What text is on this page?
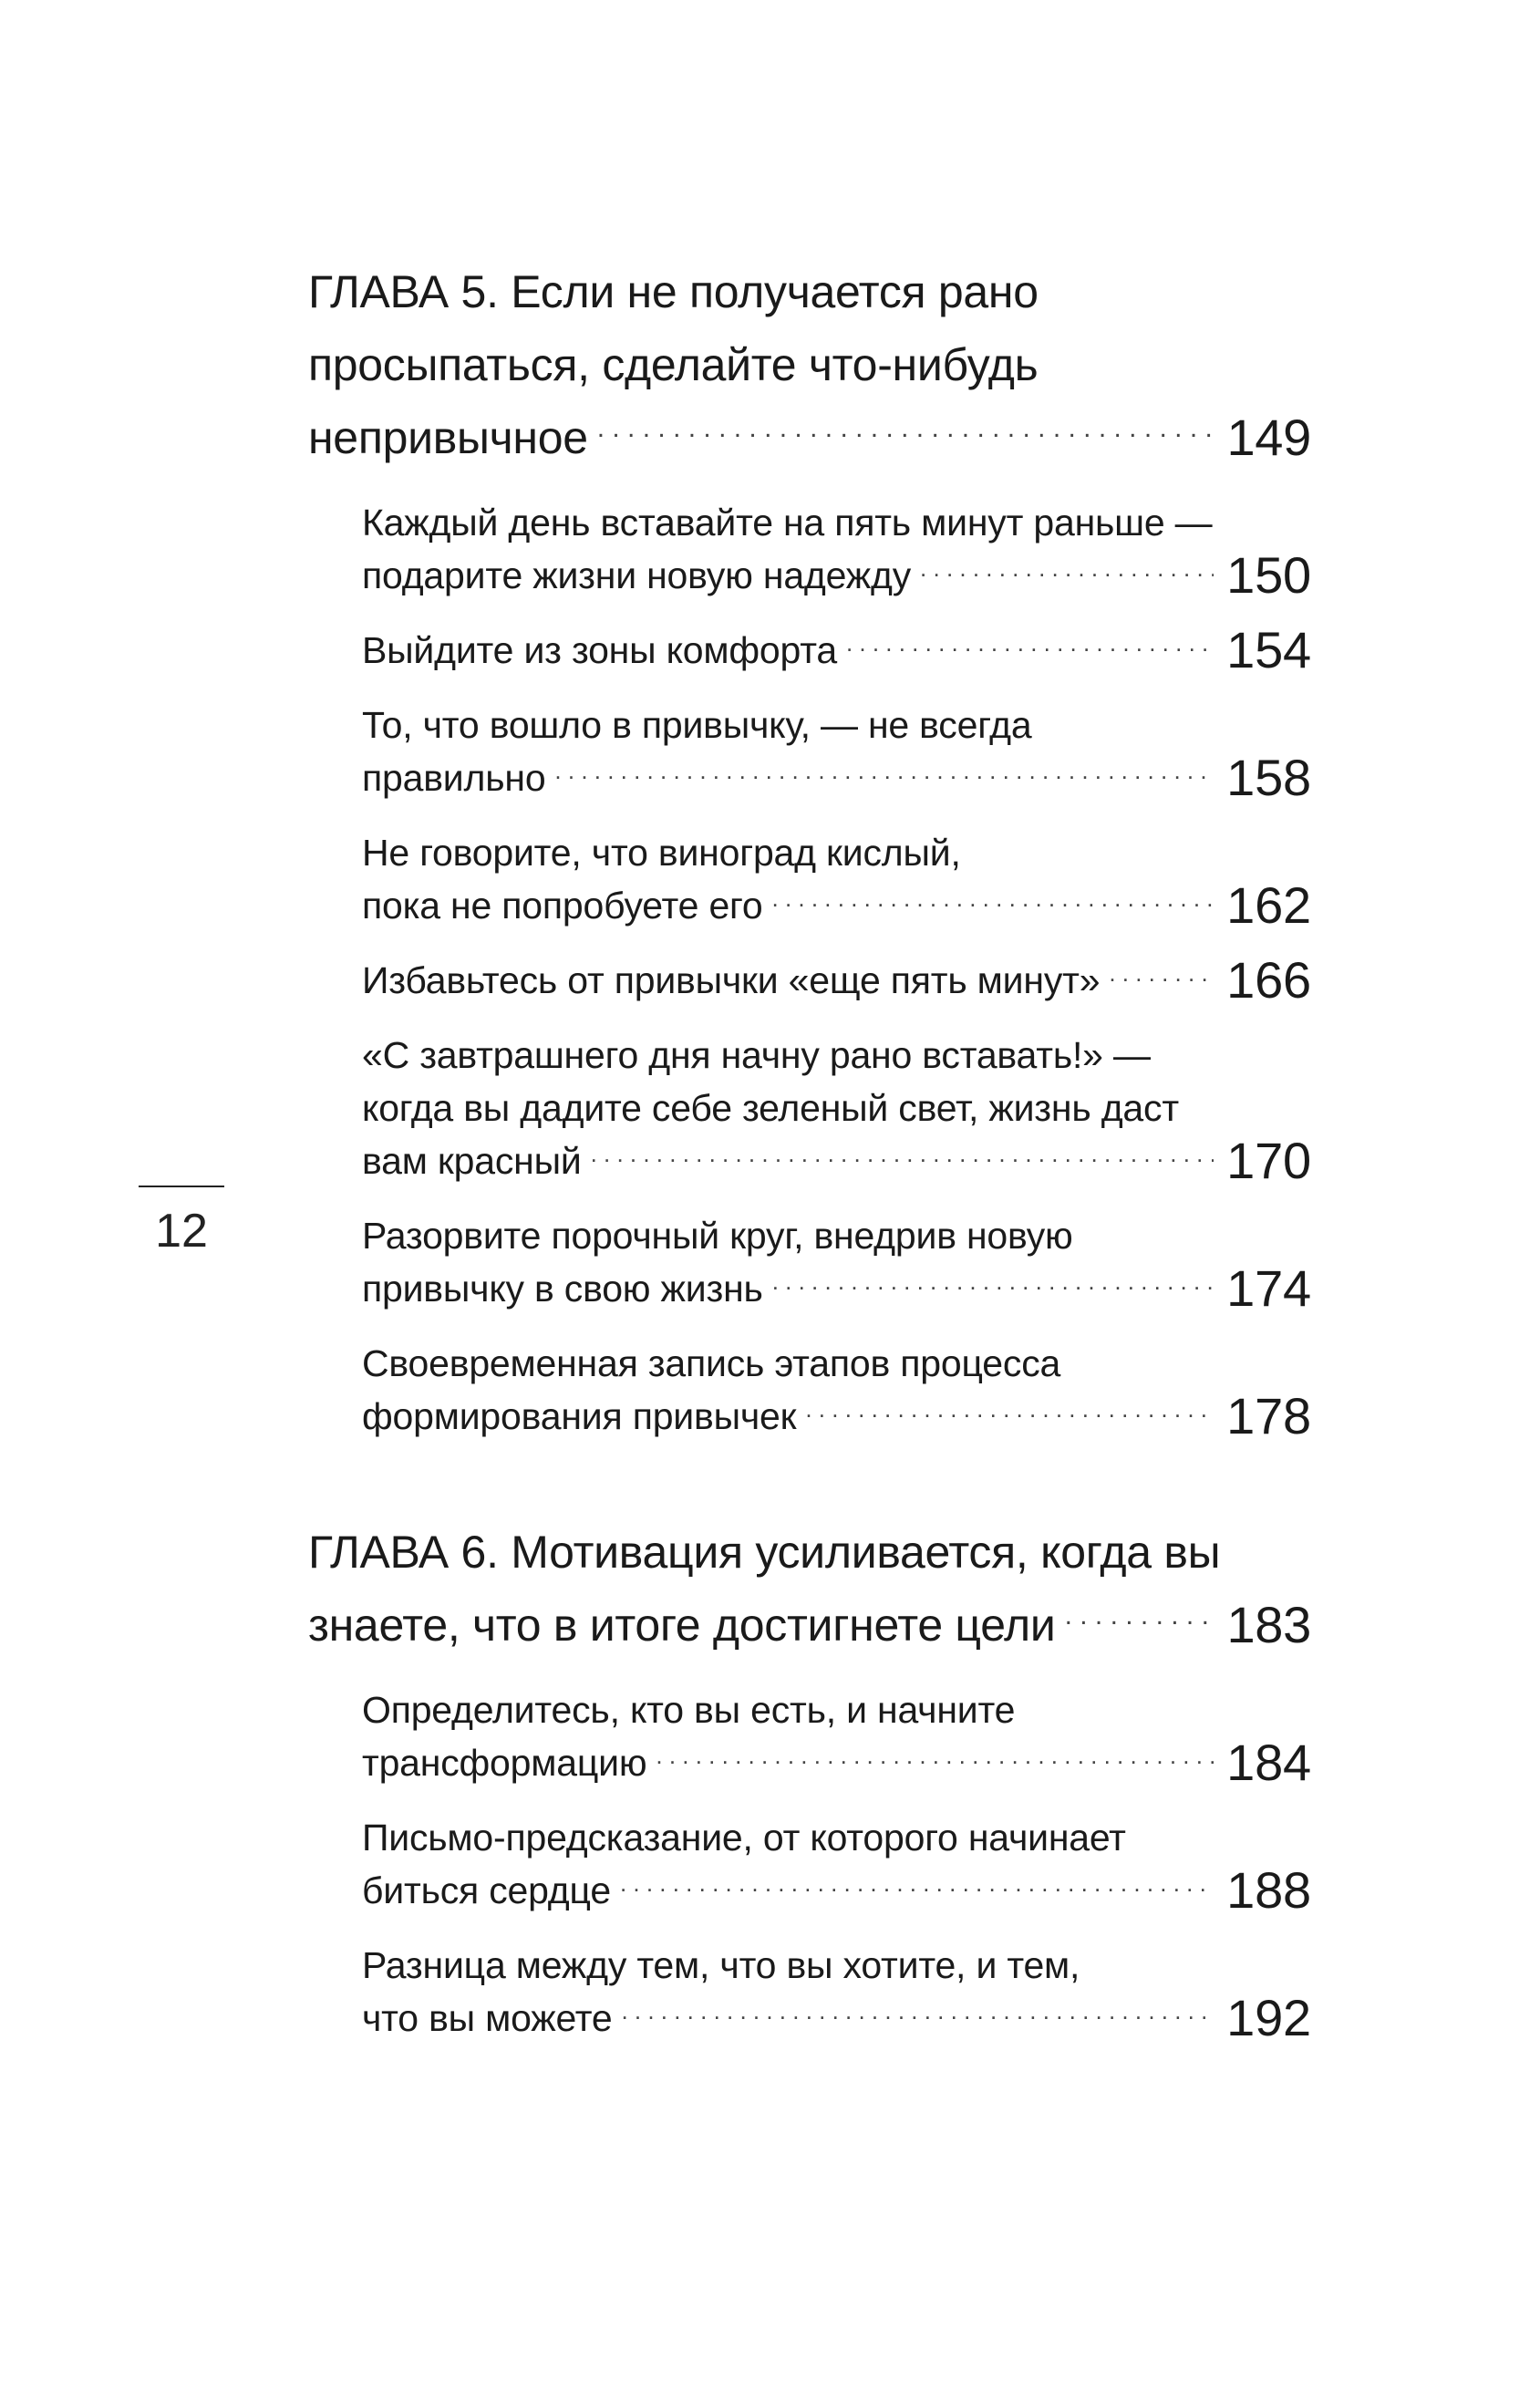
ГЛАВА 5. Если не получается рано
просыпаться, сделайте что-нибудь
непривычное . . .	149
Каждый день вставайте на пять минут раньше —
подарите жизни новую надежду . . .	150
Выйдите из зоны комфорта . . .	154
То, что вошло в привычку, — не всегда
правильно . . .	158
Не говорите, что виноград кислый,
пока не попробуете его . . .	162
Избавьтесь от привычки «еще пять минут» . . . 166
«С завтрашнего дня начну рано вставать!» —
когда вы дадите себе зеленый свет, жизнь даст
вам красный . . .	170
Разорвите порочный круг, внедрив новую
привычку в свою жизнь . . .	174
Своевременная запись этапов процесса
формирования привычек . . .	178
ГЛАВА 6. Мотивация усиливается, когда вы
знаете, что в итоге достигнете цели . . .	183
Определитесь, кто вы есть, и начните
трансформацию . . .	184
Письмо-предсказание, от которого начинает
биться сердце . . .	188
Разница между тем, что вы хотите, и тем,
что вы можете . . .	192
12
